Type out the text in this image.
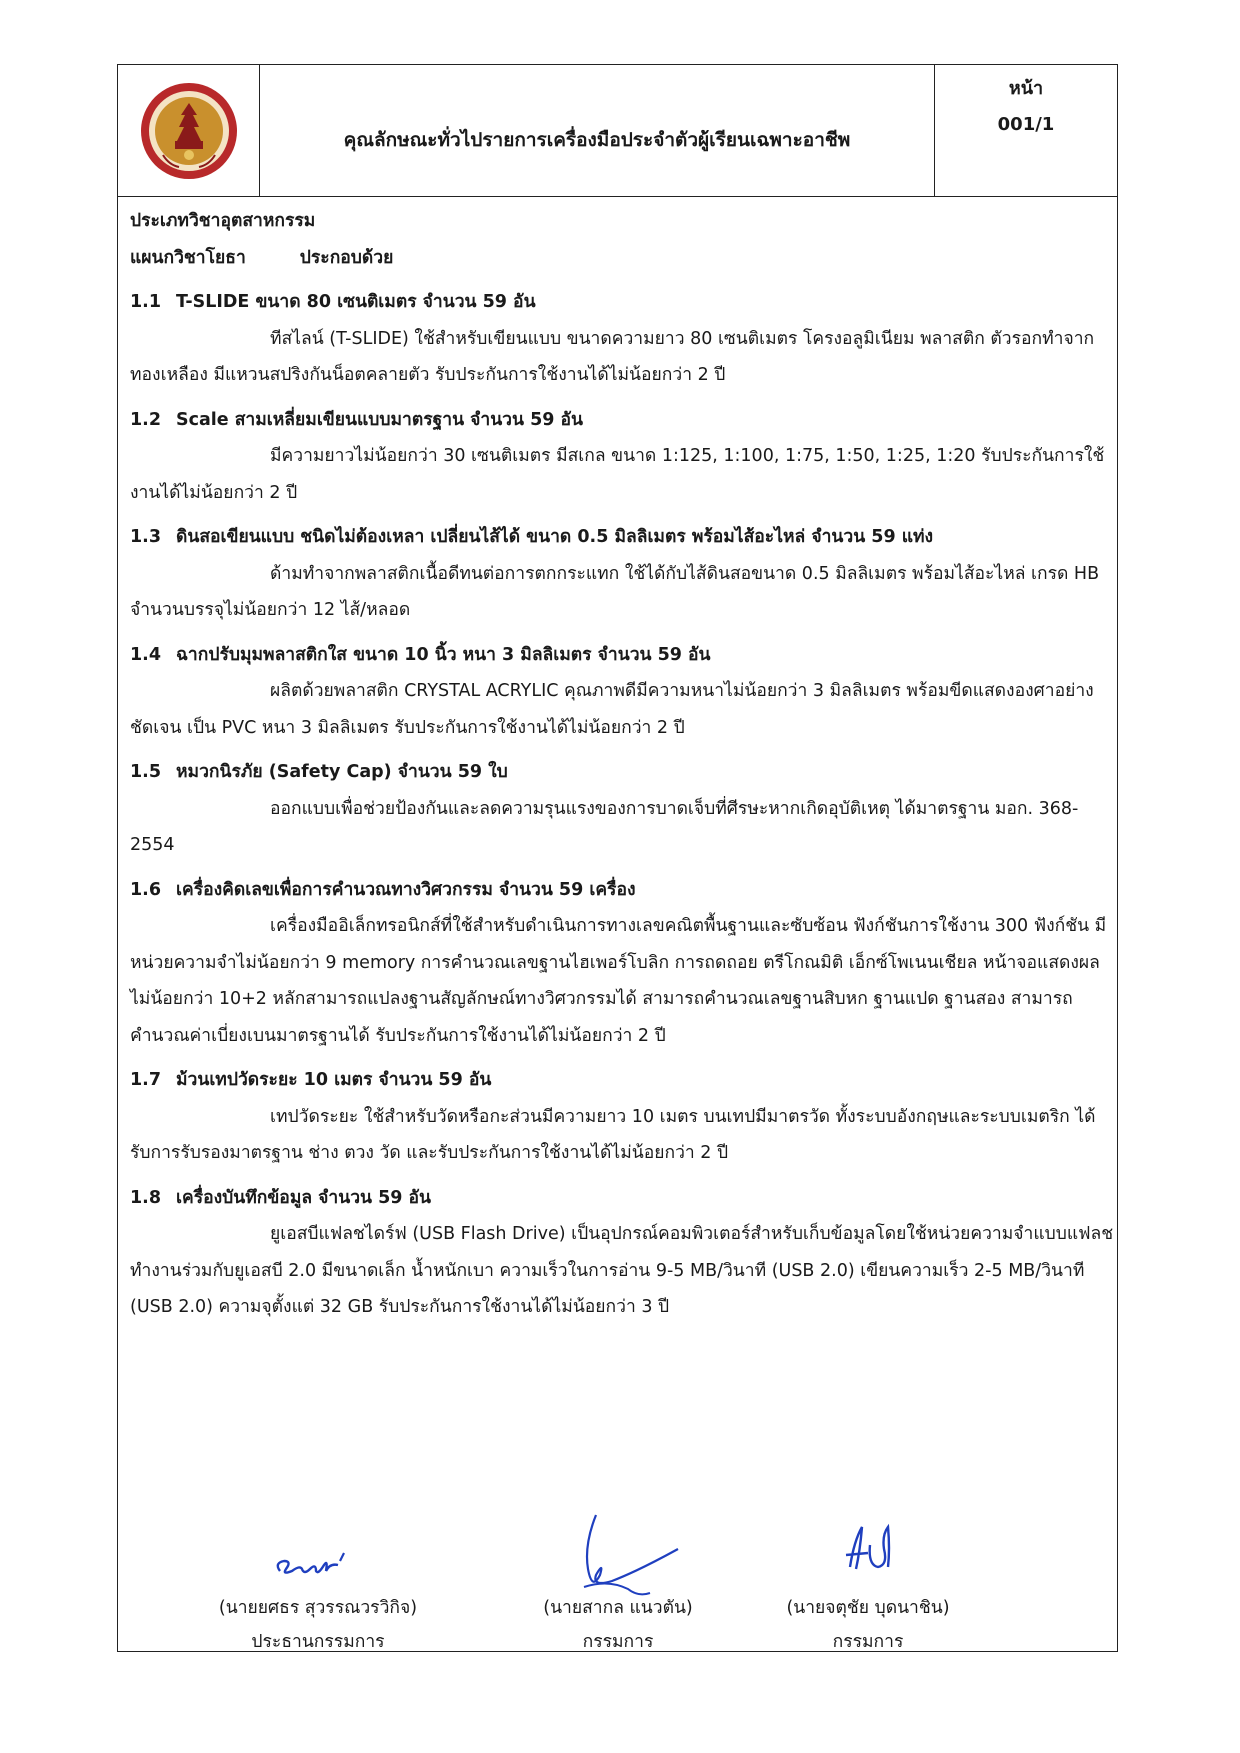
คุณลักษณะทั่วไปรายการเครื่องมือประจำตัวผู้เรียนเฉพาะอาชีพ
หน้า
001/1
ประเภทวิชาอุตสาหกรรม
แผนกวิชาโยธา	ประกอบด้วย
1.1 T-SLIDE ขนาด 80 เซนติเมตร จำนวน 59 อัน
ทีสไลน์ (T-SLIDE) ใช้สำหรับเขียนแบบ ขนาดความยาว 80 เซนติเมตร โครงอลูมิเนียม พลาสติก ตัวรอกทำจากทองเหลือง มีแหวนสปริงกันน็อตคลายตัว รับประกันการใช้งานได้ไม่น้อยกว่า 2 ปี
1.2 Scale สามเหลี่ยมเขียนแบบมาตรฐาน จำนวน 59 อัน
มีความยาวไม่น้อยกว่า 30 เซนติเมตร มีสเกล ขนาด 1:125, 1:100, 1:75, 1:50, 1:25, 1:20 รับประกันการใช้งานได้ไม่น้อยกว่า 2 ปี
1.3 ดินสอเขียนแบบ ชนิดไม่ต้องเหลา เปลี่ยนไส้ได้ ขนาด 0.5 มิลลิเมตร พร้อมไส้อะไหล่ จำนวน 59 แท่ง
ด้ามทำจากพลาสติกเนื้อดีทนต่อการตกกระแทก ใช้ได้กับไส้ดินสอขนาด 0.5 มิลลิเมตร พร้อมไส้อะไหล่ เกรด HB จำนวนบรรจุไม่น้อยกว่า 12 ไส้/หลอด
1.4 ฉากปรับมุมพลาสติกใส ขนาด 10 นิ้ว หนา 3 มิลลิเมตร จำนวน 59 อัน
ผลิตด้วยพลาสติก CRYSTAL ACRYLIC คุณภาพดีมีความหนาไม่น้อยกว่า 3 มิลลิเมตร พร้อมขีดแสดงองศาอย่างชัดเจน เป็น PVC หนา 3 มิลลิเมตร รับประกันการใช้งานได้ไม่น้อยกว่า 2 ปี
1.5 หมวกนิรภัย (Safety Cap) จำนวน 59 ใบ
ออกแบบเพื่อช่วยป้องกันและลดความรุนแรงของการบาดเจ็บที่ศีรษะหากเกิดอุบัติเหตุ ได้มาตรฐาน มอก. 368-2554
1.6 เครื่องคิดเลขเพื่อการคำนวณทางวิศวกรรม จำนวน 59 เครื่อง
เครื่องมืออิเล็กทรอนิกส์ที่ใช้สำหรับดำเนินการทางเลขคณิตพื้นฐานและซับซ้อน ฟังก์ชันการใช้งาน 300 ฟังก์ชัน มีหน่วยความจำไม่น้อยกว่า 9 memory การคำนวณเลขฐานไฮเพอร์โบลิก การถดถอย ตรีโกณมิติ เอ็กซ์โพเนนเชียล หน้าจอแสดงผลไม่น้อยกว่า 10+2 หลักสามารถแปลงฐานสัญลักษณ์ทางวิศวกรรมได้ สามารถคำนวณเลขฐานสิบหก ฐานแปด ฐานสอง สามารถคำนวณค่าเบี่ยงเบนมาตรฐานได้ รับประกันการใช้งานได้ไม่น้อยกว่า 2 ปี
1.7 ม้วนเทปวัดระยะ 10 เมตร จำนวน 59 อัน
เทปวัดระยะ ใช้สำหรับวัดหรือกะส่วนมีความยาว 10 เมตร บนเทปมีมาตรวัด ทั้งระบบอังกฤษและระบบเมตริก ได้รับการรับรองมาตรฐาน ช่าง ตวง วัด และรับประกันการใช้งานได้ไม่น้อยกว่า 2 ปี
1.8 เครื่องบันทึกข้อมูล จำนวน 59 อัน
ยูเอสบีแฟลชไดร์ฟ (USB Flash Drive) เป็นอุปกรณ์คอมพิวเตอร์สำหรับเก็บข้อมูลโดยใช้หน่วยความจำแบบแฟลช ทำงานร่วมกับยูเอสบี 2.0 มีขนาดเล็ก น้ำหนักเบา ความเร็วในการอ่าน 9-5 MB/วินาที (USB 2.0) เขียนความเร็ว 2-5 MB/วินาที (USB 2.0) ความจุตั้งแต่ 32 GB รับประกันการใช้งานได้ไม่น้อยกว่า 3 ปี
(นายยศธร สุวรรณวรวิกิจ)
ประธานกรรมการ
(นายสากล แนวตัน)
กรรมการ
(นายจตุชัย บุดนาชิน)
กรรมการ
